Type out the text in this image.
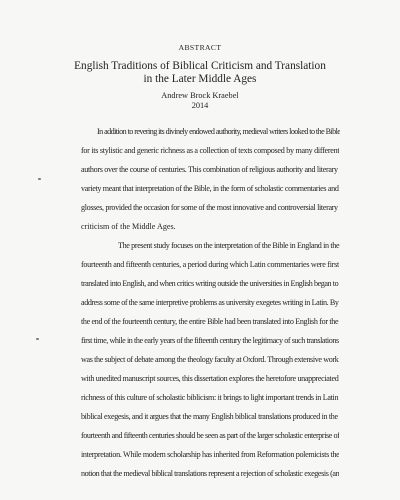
ABSTRACT
English Traditions of Biblical Criticism and Translation
in the Later Middle Ages
Andrew Brock Kraebel
2014
In addition to revering its divinely endowed authority, medieval writers looked to the Bible
for its stylistic and generic richness as a collection of texts composed by many different
authors over the course of centuries. This combination of religious authority and literary
variety meant that interpretation of the Bible, in the form of scholastic commentaries and
glosses, provided the occasion for some of the most innovative and controversial literary
criticism of the Middle Ages.
The present study focuses on the interpretation of the Bible in England in the
fourteenth and fifteenth centuries, a period during which Latin commentaries were first
translated into English, and when critics writing outside the universities in English began to
address some of the same interpretive problems as university exegetes writing in Latin. By
the end of the fourteenth century, the entire Bible had been translated into English for the
first time, while in the early years of the fifteenth century the legitimacy of such translations
was the subject of debate among the theology faculty at Oxford. Through extensive work
with unedited manuscript sources, this dissertation explores the heretofore unappreciated
richness of this culture of scholastic biblicism: it brings to light important trends in Latin
biblical exegesis, and it argues that the many English biblical translations produced in the
fourteenth and fifteenth centuries should be seen as part of the larger scholastic enterprise of
interpretation. While modern scholarship has inherited from Reformation polemicists the
notion that the medieval biblical translations represent a rejection of scholastic exegesis (an
